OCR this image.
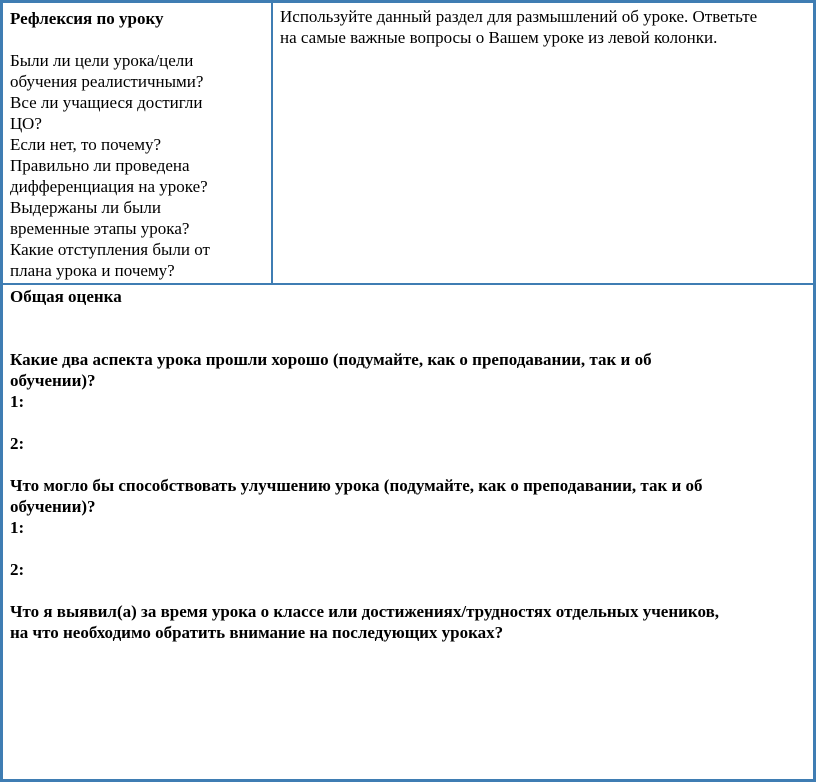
Рефлексия по уроку

Были ли цели урока/цели

обучения реалистичными?

Все ли учащиеся достигли

ЦО?

Если нет, то почему?

Правильно ли проведена

дифференциация на уроке?

Выдержаны ли были

временные этапы урока?

Какие отступления были от

плана урока и почему?

Используйте данный раздел для размышлений об уроке. Ответьте

на самые важные вопросы о Вашем уроке из левой колонки.

Общая оценка

Какие два аспекта урока прошли хорошо (подумайте, как о преподавании, так и об

обучении)?

1:

2:

Что могло бы способствовать улучшению урока (подумайте, как о преподавании, так и об

обучении)?

1:

2:

Что я выявил(а) за время урока о классе или достижениях/трудностях отдельных учеников,

на что необходимо обратить внимание на последующих уроках?
